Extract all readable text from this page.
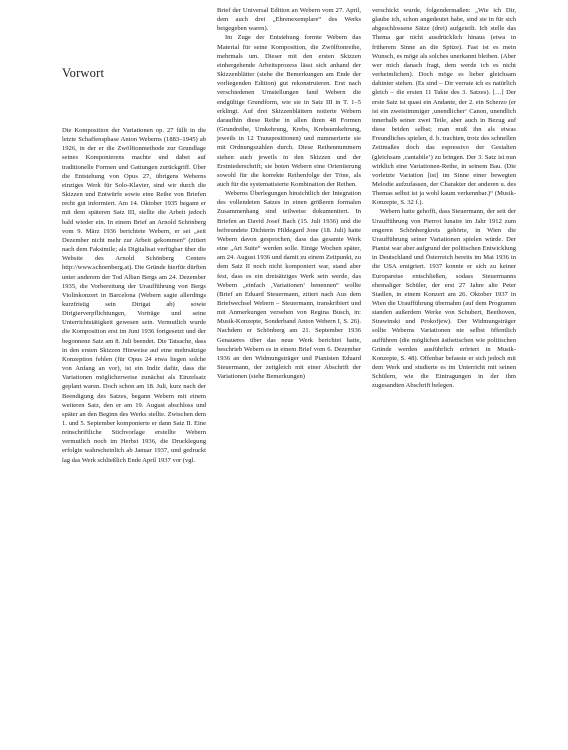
Vorwort

Die Komposition der Variationen op. 27 fällt in die letzte Schaffensphase Anton Weberns (1883–1945) ab 1926, in der er die Zwölftonmethode zur Grundlage seines Komponierens machte und dabei auf traditionelle Formen und Gattungen zurückgriff. Über die Entstehung von Opus 27, übrigens Weberns einziges Werk für Solo-Klavier, sind wir durch die Skizzen und Entwürfe sowie eine Reihe von Briefen recht gut informiert. Am 14. Oktober 1935 begann er mit dem späteren Satz III, stellte die Arbeit jedoch bald wieder ein. In einem Brief an Arnold Schönberg vom 9. März 1936 berichtete Webern, er sei „seit Dezember nicht mehr zur Arbeit gekommen“ (zitiert nach dem Faksimile; als Digitalisat verfügbar über die Website des Arnold Schönberg Centers http://www.schoenberg.at). Die Gründe hierfür dürften unter anderem der Tod Alban Bergs am 24. Dezember 1935, die Vorbereitung der Uraufführung von Bergs Violinkonzert in Barcelona (Webern sagte allerdings kurzfristig sein Dirigat ab) sowie Dirigierverpflichtungen, Vorträge und seine Unterrichtstätigkeit gewesen sein. Vermutlich wurde die Komposition erst im Juni 1936 fortgesetzt und der begonnene Satz am 8. Juli beendet. Die Tatsache, dass in den ersten Skizzen Hinweise auf eine mehrsätzige Konzeption fehlen (für Opus 24 etwa liegen solche von Anfang an vor), ist ein Indiz dafür, dass die Variationen möglicherweise zunächst als Einzelsatz geplant waren. Doch schon am 18. Juli, kurz nach der Beendigung des Satzes, begann Webern mit einem weiteren Satz, den er am 19. August abschloss und später an den Beginn des Werks stellte. Zwischen dem 1. und 5. September komponierte er dann Satz II. Eine reinschriftliche Stichvorlage erstellte Webern vermutlich noch im Herbst 1936, die Drucklegung erfolgte wahrscheinlich ab Januar 1937, und gedruckt lag das Werk schließlich Ende April 1937 vor (vgl.

Brief der Universal Edition an Webern vom 27. April, dem auch drei „Ehrenexemplare“ des Werks beigegeben waren).

Im Zuge der Entstehung formte Webern das Material für seine Komposition, die Zwölftonreihe, mehrmals um. Dieser mit den ersten Skizzen einhergehende Arbeitsprozess lässt sich anhand der Skizzenblätter (siehe die Bemerkungen am Ende der vorliegenden Edition) gut rekonstruieren. Erst nach verschiedenen Umstellungen fand Webern die endgültige Grundform, wie sie in Satz III in T. 1–5 erklingt. Auf drei Skizzenblättern notierte Webern daraufhin diese Reihe in allen ihren 48 Formen (Grundreihe, Umkehrung, Krebs, Krebsumkehrung, jeweils in 12 Transpositionen) und nummerierte sie mit Ordnungszahlen durch. Diese Reihennummern stehen auch jeweils in den Skizzen und der Erstniederschrift; sie boten Webern eine Orientierung sowohl für die korrekte Reihenfolge der Töne, als auch für die systematisierte Kombination der Reihen.

Weberns Überlegungen hinsichtlich der Integration des vollendeten Satzes in einen größeren formalen Zusammenhang sind teilweise dokumentiert. In Briefen an David Josef Bach (15. Juli 1936) und die befreundete Dichterin Hildegard Jone (18. Juli) hatte Webern davon gesprochen, dass das gesamte Werk eine „Art Suite“ werden solle. Einige Wochen später, am 24. August 1936 und damit zu einem Zeitpunkt, zu dem Satz II noch nicht komponiert war, stand aber fest, dass es ein dreisätziges Werk sein werde, das Webern „einfach ‚Variationen‘ benennen“ wollte (Brief an Eduard Steuermann, zitiert nach Aus dem Briefwechsel Webern – Steuermann, transkribiert und mit Anmerkungen versehen von Regina Busch, in: Musik-Konzepte, Sonderband Anton Webern I, S. 26). Nachdem er Schönberg am 21. September 1936 Genaueres über das neue Werk berichtet hatte, beschrieb Webern es in einem Brief vom 6. Dezember 1936 an den Widmungsträger und Pianisten Eduard Steuermann, der zeitgleich mit einer Abschrift der Variationen (siehe Bemerkungen)

verschickt wurde, folgendermaßen: „Wie ich Dir, glaube ich, schon angedeutet habe, sind sie in für sich abgeschlossene Sätze (drei) aufgeteilt. Ich stelle das Thema gar nicht ausdrücklich hinaus (etwa in früherem Sinne an die Spitze). Fast ist es mein Wunsch, es möge als solches unerkannt bleiben. (Aber wer mich danach fragt, dem werde ich es nicht verheimlichen). Doch möge es lieber gleichsam dahinter stehen. (Es sind – Dir verrate ich es natürlich gleich – die ersten 11 Takte des 3. Satzes). […] Der erste Satz ist quasi ein Andante, der 2. ein Scherzo (er ist ein zweistimmiger ‚unendlicher‘ Canon, unendlich innerhalb seiner zwei Teile, aber auch in Bezug auf diese beiden selbst; man muß ihn als etwas Freundliches spielen, d. h. trachten, trotz des schnellen Zeitmaßes doch das espressivo der Gestalten (gleichsam ‚cantabile‘) zu bringen. Der 3. Satz ist nun wirklich eine Variationen-Reihe, in seinem Bau. (Die vorletzte Variation [ist] im Sinne einer bewegten Melodie aufzufassen, der Charakter der anderen u. des Themas selbst ist ja wohl kaum verkennbar.)“ (Musik-Konzepte, S. 32 f.).

Webern hatte gehofft, dass Steuermann, der seit der Uraufführung von Pierrot lunaire im Jahr 1912 zum engeren Schönbergkreis gehörte, in Wien die Uraufführung seiner Variationen spielen würde. Der Pianist war aber aufgrund der politischen Entwicklung in Deutschland und Österreich bereits im Mai 1936 in die USA emigriert. 1937 konnte er sich zu keiner Europareise entschließen, sodass Steuermanns ehemaliger Schüler, der erst 27 Jahre alte Peter Stadlen, in einem Konzert am 26. Oktober 1937 in Wien die Uraufführung übernahm (auf dem Programm standen außerdem Werke von Schubert, Beethoven, Strawinski und Prokofjew). Der Widmungsträger sollte Weberns Variationen nie selbst öffentlich aufführen (die möglichen ästhetischen wie politischen Gründe werden ausführlich erörtert in Musik-Konzepte, S. 48). Offenbar befasste er sich jedoch mit dem Werk und studierte es im Unterricht mit seinen Schülern, wie die Eintragungen in der ihm zugesandten Abschrift belegen.
